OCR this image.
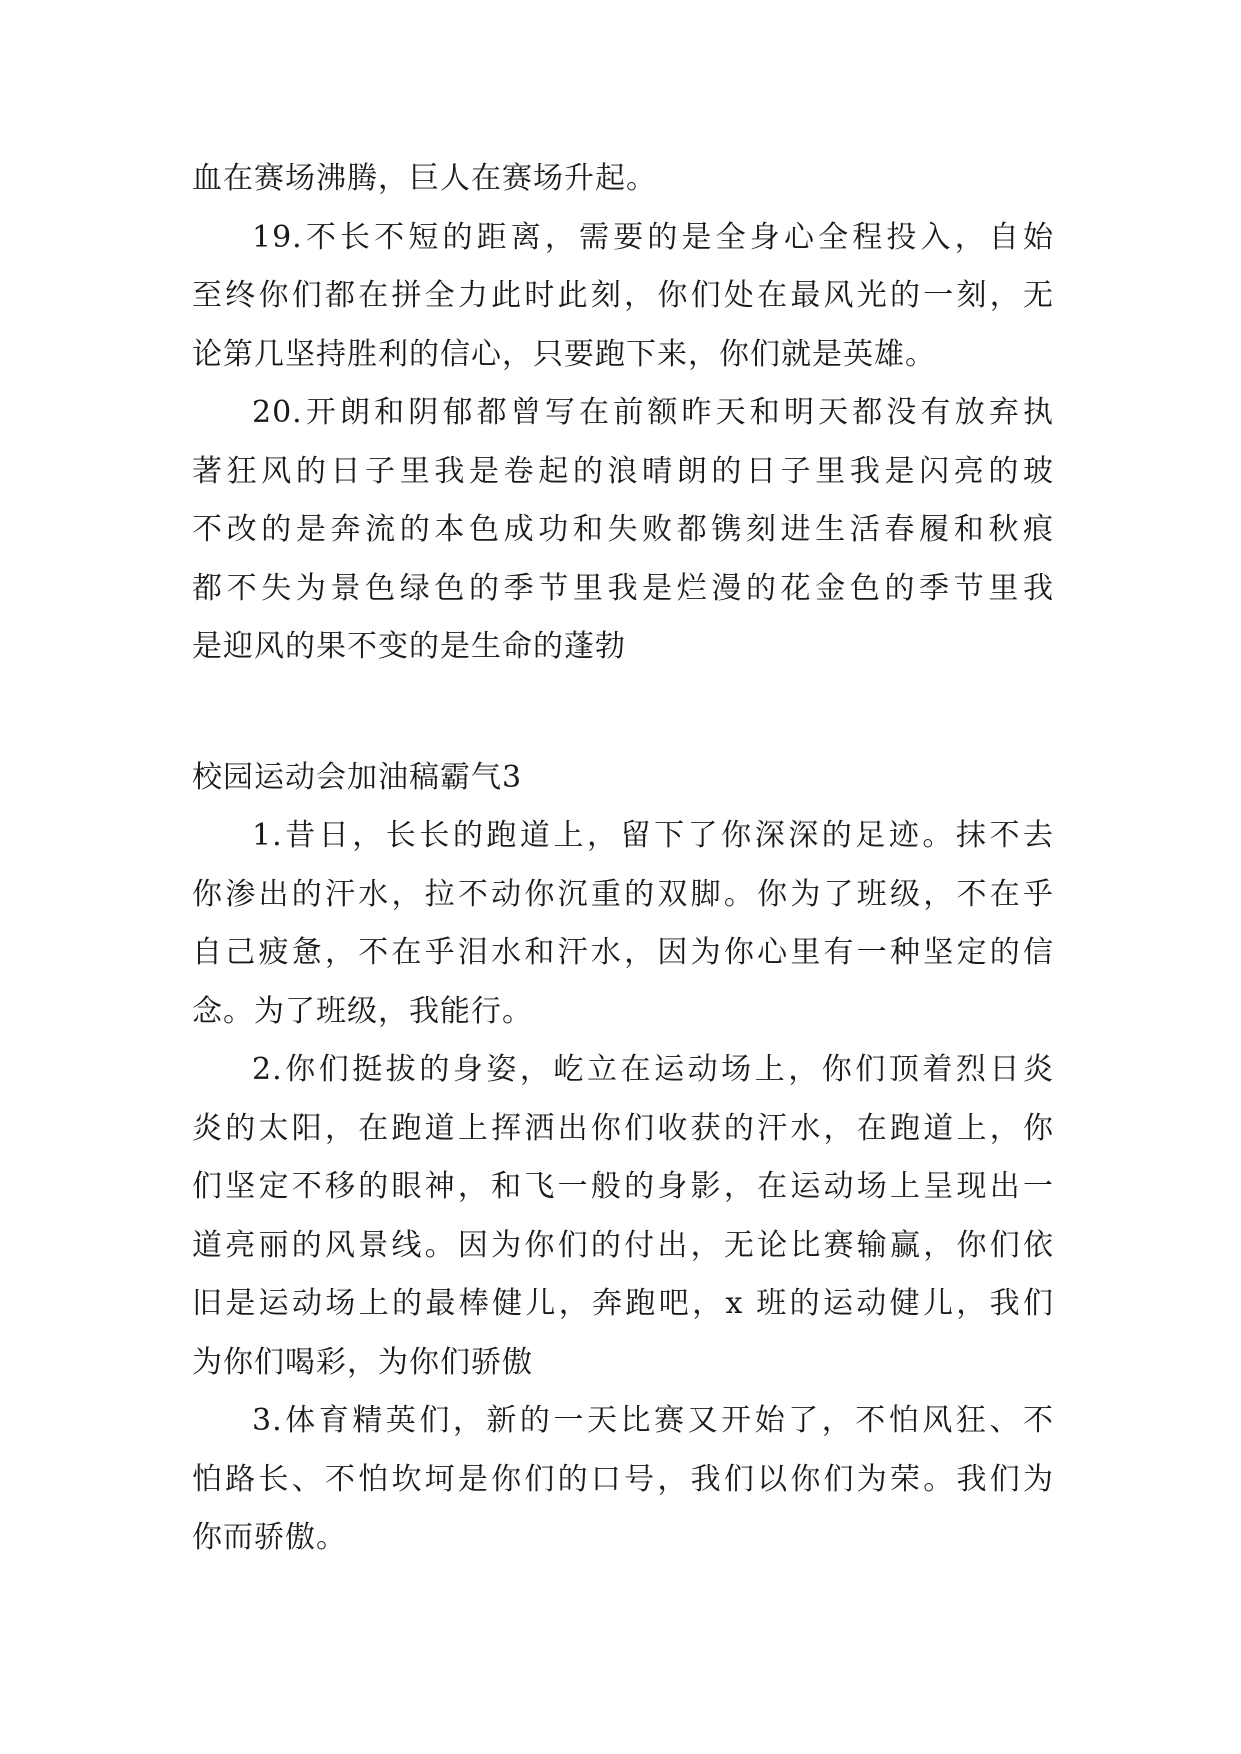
血在赛场沸腾，巨人在赛场升起。
19.不长不短的距离，需要的是全身心全程投入，自始
至终你们都在拼全力此时此刻，你们处在最风光的一刻，无
论第几坚持胜利的信心，只要跑下来，你们就是英雄。
20.开朗和阴郁都曾写在前额昨天和明天都没有放弃执
著狂风的日子里我是卷起的浪晴朗的日子里我是闪亮的玻
不改的是奔流的本色成功和失败都镌刻进生活春履和秋痕
都不失为景色绿色的季节里我是烂漫的花金色的季节里我
是迎风的果不变的是生命的蓬勃
校园运动会加油稿霸气3
1.昔日，长长的跑道上，留下了你深深的足迹。抹不去
你渗出的汗水，拉不动你沉重的双脚。你为了班级，不在乎
自己疲惫，不在乎泪水和汗水，因为你心里有一种坚定的信
念。为了班级，我能行。
2.你们挺拔的身姿，屹立在运动场上，你们顶着烈日炎
炎的太阳，在跑道上挥洒出你们收获的汗水，在跑道上，你
们坚定不移的眼神，和飞一般的身影，在运动场上呈现出一
道亮丽的风景线。因为你们的付出，无论比赛输赢，你们依
旧是运动场上的最棒健儿，奔跑吧，x 班的运动健儿，我们
为你们喝彩，为你们骄傲
3.体育精英们，新的一天比赛又开始了，不怕风狂、不
怕路长、不怕坎坷是你们的口号，我们以你们为荣。我们为
你而骄傲。
